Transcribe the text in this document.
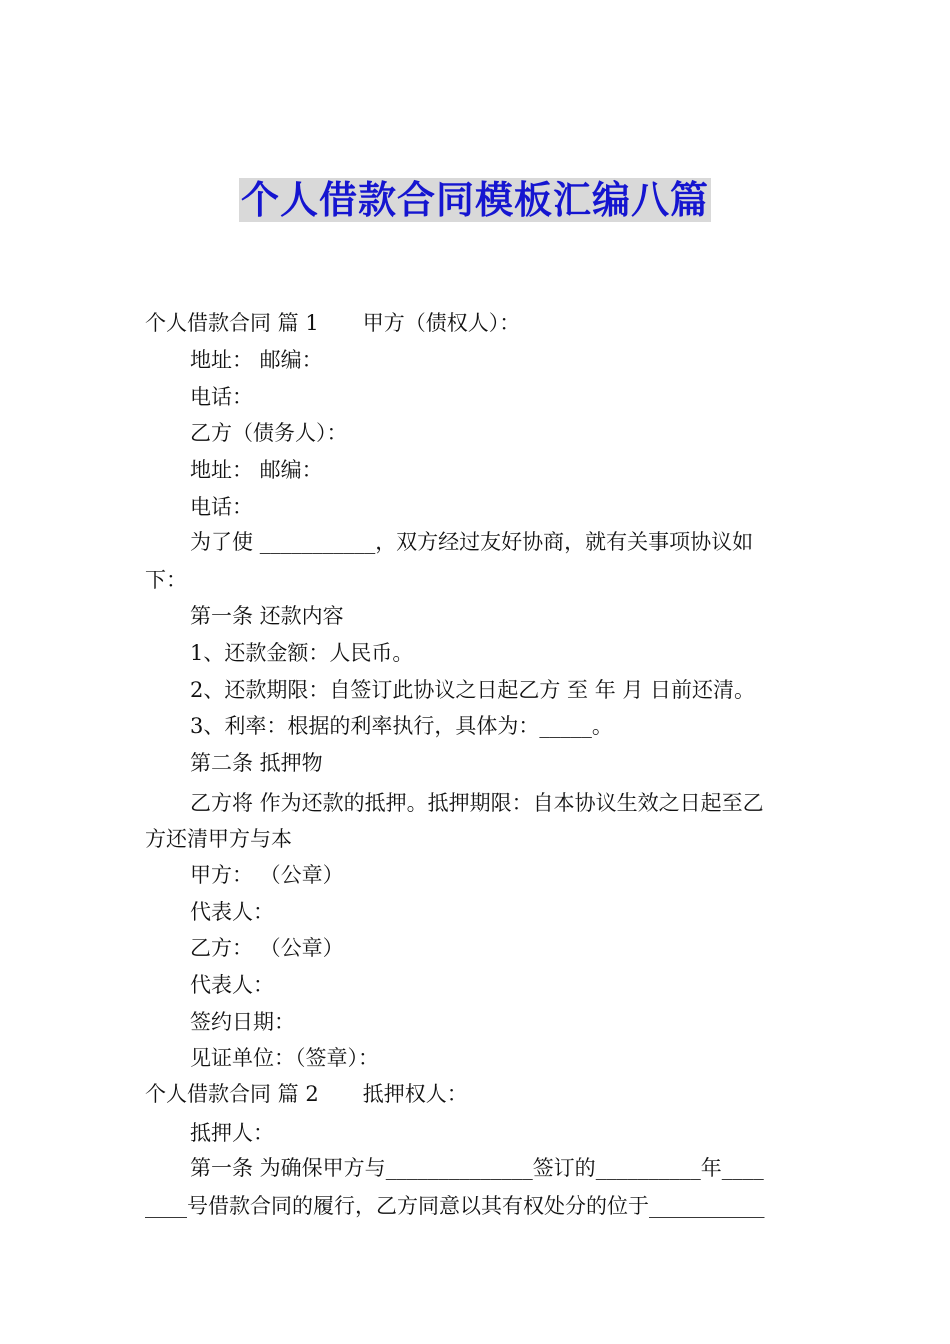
个人借款合同模板汇编八篇
个人借款合同 篇 1 甲方（债权人）：
地址： 邮编：
电话：
乙方（债务人）：
地址： 邮编：
电话：
为了使 ___________，双方经过友好协商，就有关事项协议如
下：
第一条 还款内容
1、还款金额：人民币。
2、还款期限：自签订此协议之日起乙方 至 年 月 日前还清。
3、利率：根据的利率执行，具体为：_____。
第二条 抵押物
乙方将 作为还款的抵押。抵押期限：自本协议生效之日起至乙
方还清甲方与本
甲方： （公章）
代表人：
乙方： （公章）
代表人：
签约日期：
见证单位：（签章）：
个人借款合同 篇 2 抵押权人：
抵押人：
第一条 为确保甲方与______________签订的__________年____
____号借款合同的履行，乙方同意以其有权处分的位于___________
